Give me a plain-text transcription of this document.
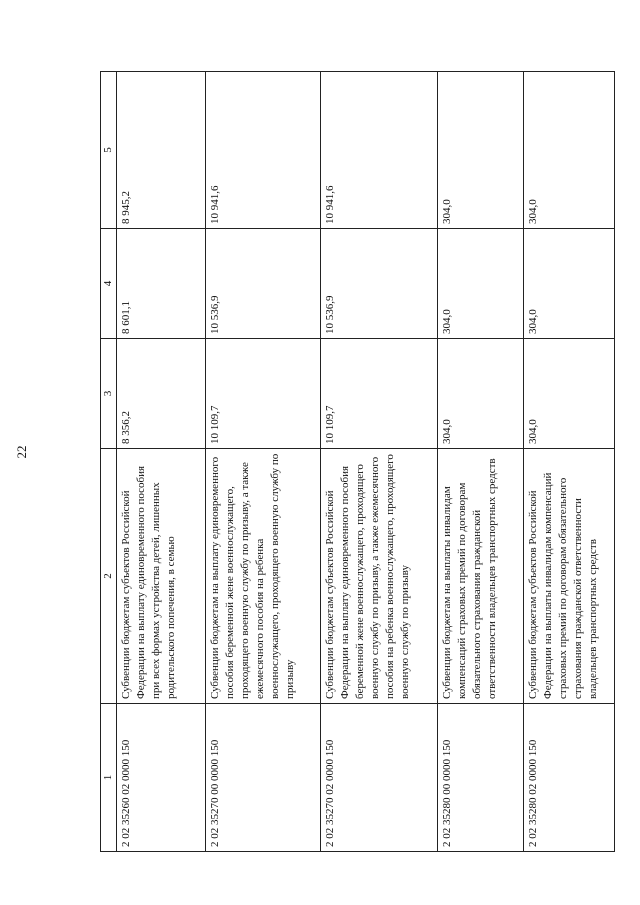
22
1	2	3	4	5
2 02 35260 02 0000 150	Субвенции бюджетам субъектов Российской Федерации на выплату единовременного пособия при всех формах устройства детей, лишенных родительского попечения, в семью	8 356,2	8 601,1	8 945,2
2 02 35270 00 0000 150	Субвенции бюджетам на выплату единовременного пособия беременной жене военнослужащего, проходящего военную службу по призыву, а также ежемесячного пособия на ребенка военнослужащего, проходящего военную службу по призыву	10 109,7	10 536,9	10 941,6
2 02 35270 02 0000 150	Субвенции бюджетам субъектов Российской Федерации на выплату единовременного пособия беременной жене военнослужащего, проходящего военную службу по призыву, а также ежемесячного пособия на ребенка военнослужащего, проходящего военную службу по призыву	10 109,7	10 536,9	10 941,6
2 02 35280 00 0000 150	Субвенции бюджетам на выплаты инвалидам компенсаций страховых премий по договорам обязательного страхования гражданской ответственности владельцев транспортных средств	304,0	304,0	304,0
2 02 35280 02 0000 150	Субвенции бюджетам субъектов Российской Федерации на выплаты инвалидам компенсаций страховых премий по договорам обязательного страхования гражданской ответственности владельцев транспортных средств	304,0	304,0	304,0
